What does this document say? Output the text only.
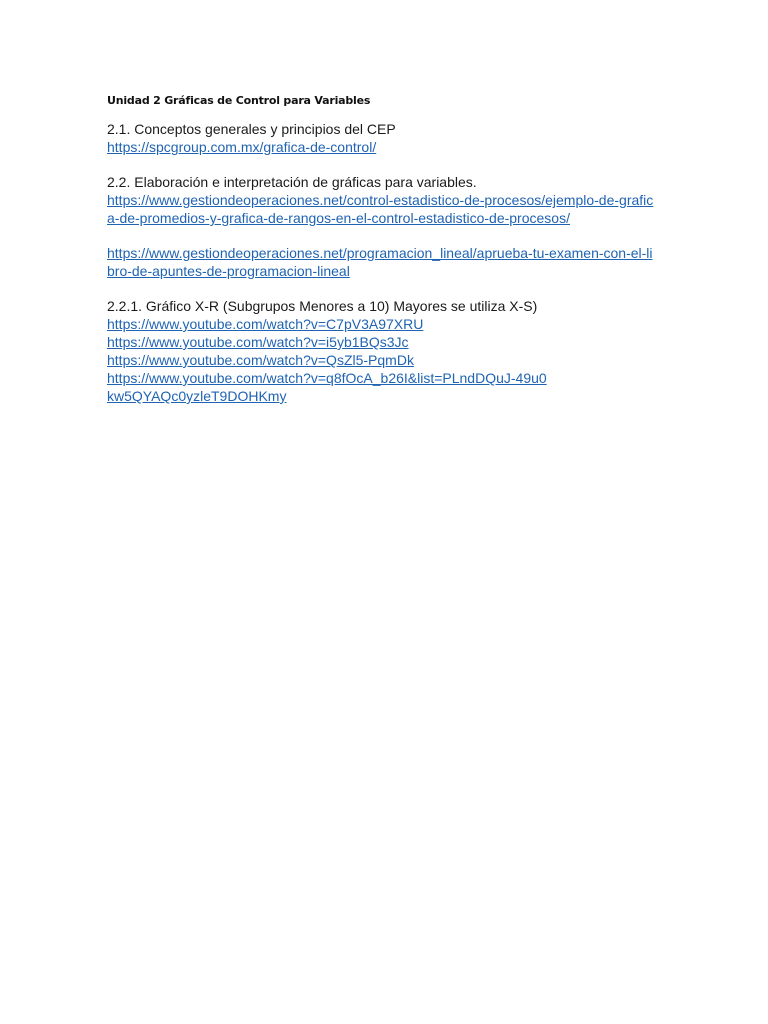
Unidad 2 Gráficas de Control para Variables
2.1. Conceptos generales y principios del CEP
https://spcgroup.com.mx/grafica-de-control/
2.2. Elaboración e interpretación de gráficas para variables.
https://www.gestiondeoperaciones.net/control-estadistico-de-procesos/ejemplo-de-grafica-de-promedios-y-grafica-de-rangos-en-el-control-estadistico-de-procesos/
https://www.gestiondeoperaciones.net/programacion_lineal/aprueba-tu-examen-con-el-libro-de-apuntes-de-programacion-lineal
2.2.1. Gráfico X-R (Subgrupos Menores a 10) Mayores se utiliza X-S)
https://www.youtube.com/watch?v=C7pV3A97XRU
https://www.youtube.com/watch?v=i5yb1BQs3Jc
https://www.youtube.com/watch?v=QsZl5-PqmDk
https://www.youtube.com/watch?v=q8fOcA_b26I&list=PLndDQuJ-49u0kw5QYAQc0yzleT9DOHKmy
